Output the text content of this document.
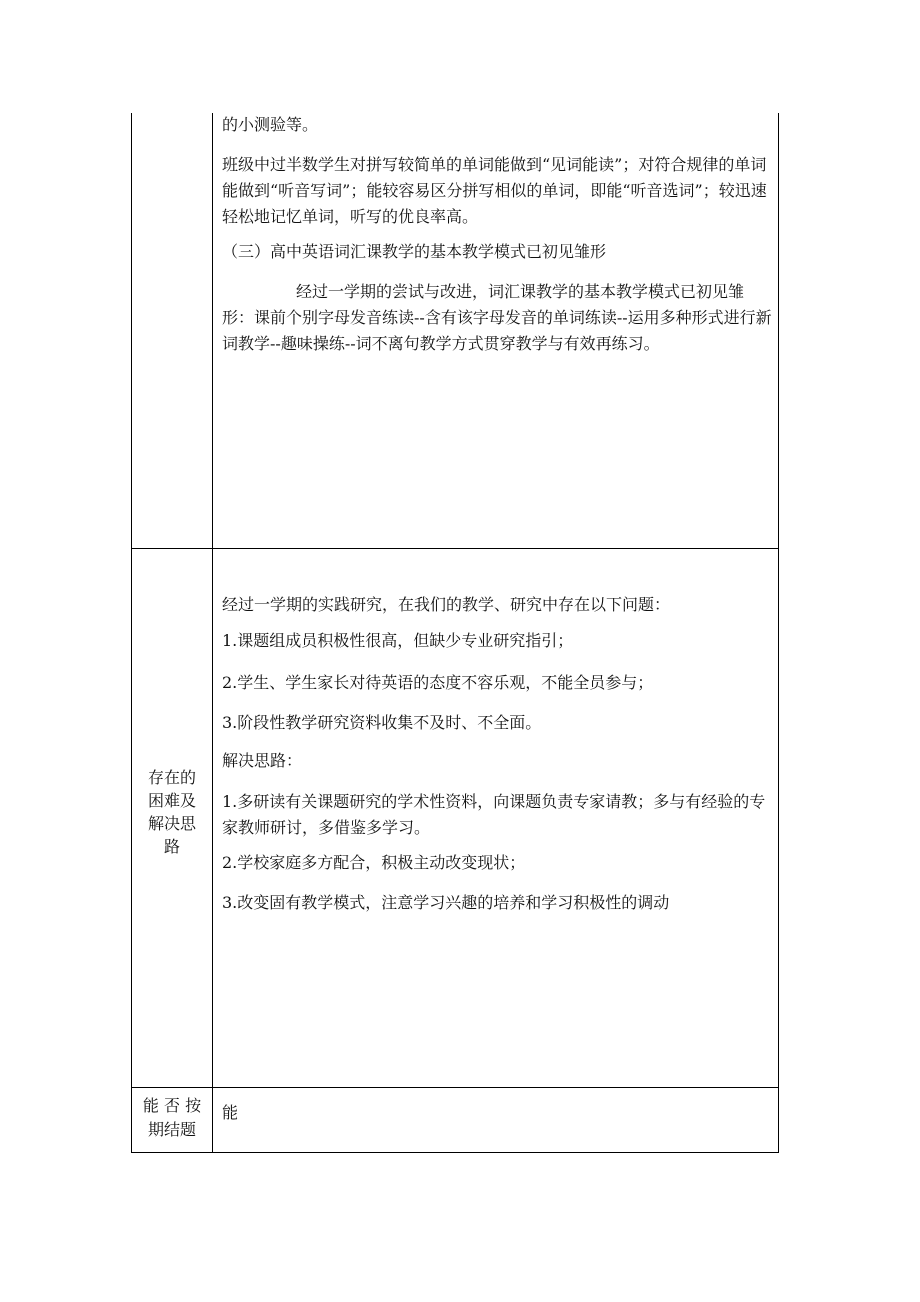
的小测验等。

班级中过半数学生对拼写较简单的单词能做到“见词能读”；对符合规律的单词能做到“听音写词”；能较容易区分拼写相似的单词，即能“听音选词”；较迅速轻松地记忆单词，听写的优良率高。

（三）高中英语词汇课教学的基本教学模式已初见雏形

经过一学期的尝试与改进，词汇课教学的基本教学模式已初见雏形：课前个别字母发音练读--含有该字母发音的单词练读--运用多种形式进行新词教学--趣味操练--词不离句教学方式贯穿教学与有效再练习。

存在的
困难及
解决思
路

经过一学期的实践研究，在我们的教学、研究中存在以下问题：

1.课题组成员积极性很高，但缺少专业研究指引；

2.学生、学生家长对待英语的态度不容乐观，不能全员参与；

3.阶段性教学研究资料收集不及时、不全面。

解决思路：

1.多研读有关课题研究的学术性资料，向课题负责专家请教；多与有经验的专家教师研讨，多借鉴多学习。

2.学校家庭多方配合，积极主动改变现状；

3.改变固有教学模式，注意学习兴趣的培养和学习积极性的调动

能 否 按
期结题

能
